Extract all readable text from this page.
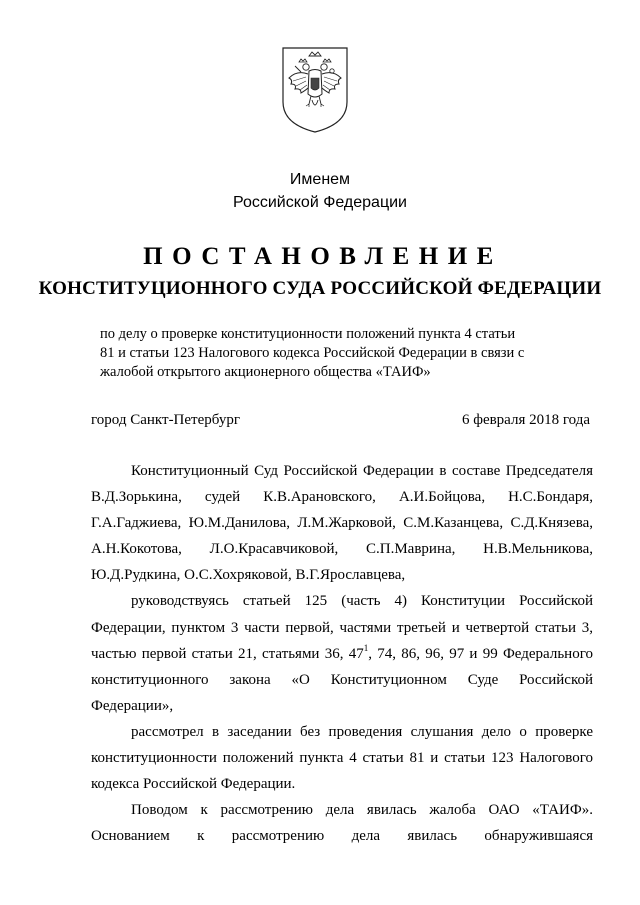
Именем
Российской Федерации
ПОСТАНОВЛЕНИЕ
КОНСТИТУЦИОННОГО СУДА РОССИЙСКОЙ ФЕДЕРАЦИИ
по делу о проверке конституционности положений пункта 4 статьи
81 и статьи 123 Налогового кодекса Российской Федерации в связи с
жалобой открытого акционерного общества «ТАИФ»
город Санкт-Петербург	6 февраля 2018 года

Конституционный Суд Российской Федерации в составе Председателя
В.Д.Зорькина, судей К.В.Арановского, А.И.Бойцова, Н.С.Бондаря,
Г.А.Гаджиева, Ю.М.Данилова, Л.М.Жарковой, С.М.Казанцева, С.Д.Князева,
А.Н.Кокотова, Л.О.Красавчиковой, С.П.Маврина, Н.В.Мельникова,
Ю.Д.Рудкина, О.С.Хохряковой, В.Г.Ярославцева,

руководствуясь статьей 125 (часть 4) Конституции Российской
Федерации, пунктом 3 части первой, частями третьей и четвертой статьи 3,
частью первой статьи 21, статьями 36, $47^1$, 74, 86, 96, 97 и 99 Федерального
конституционного закона «О Конституционном Суде Российской
Федерации»,

рассмотрел в заседании без проведения слушания дело о проверке
конституционности положений пункта 4 статьи 81 и статьи 123 Налогового
кодекса Российской Федерации.

Поводом к рассмотрению дела явилась жалоба ОАО «ТАИФ».
Основанием к рассмотрению дела явилась обнаружившаяся
